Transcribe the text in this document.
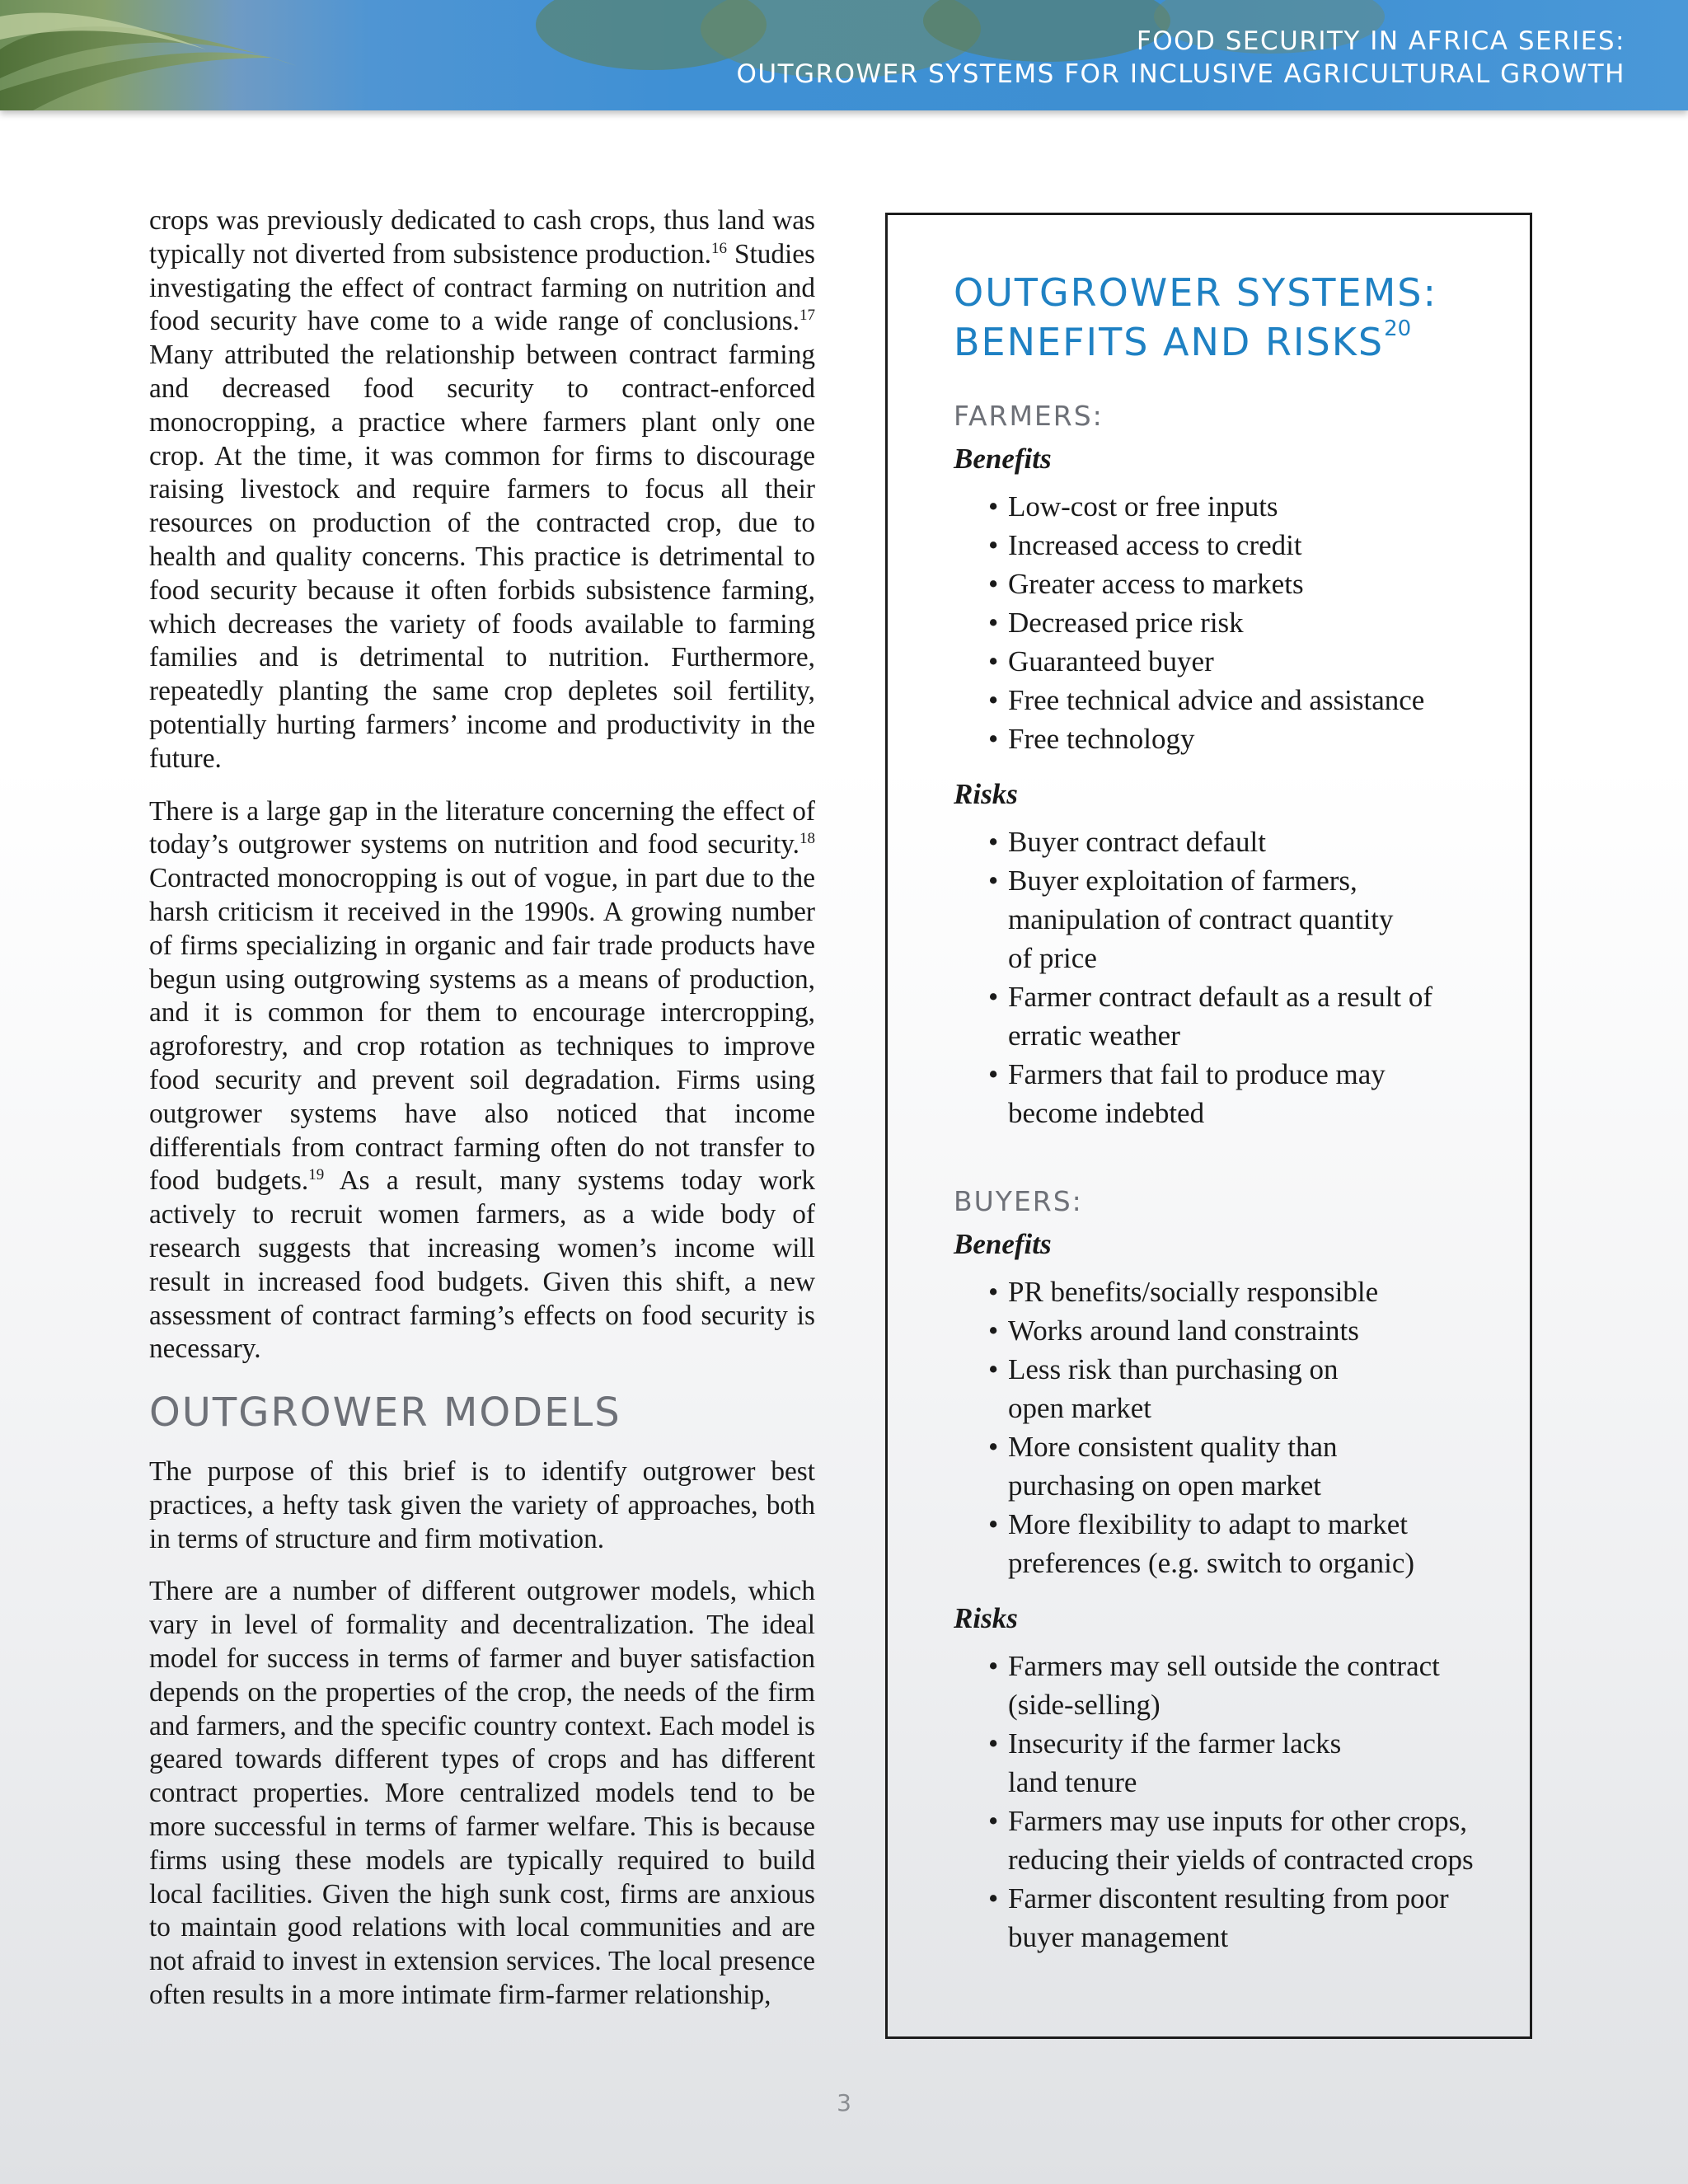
FOOD SECURITY IN AFRICA SERIES:
OUTGROWER SYSTEMS FOR INCLUSIVE AGRICULTURAL GROWTH

crops was previously dedicated to cash crops, thus land was typically not diverted from subsistence production.$^{16}$ Studies investigating the effect of contract farming on nutrition and food security have come to a wide range of conclusions.$^{17}$ Many attributed the relationship between contract farming and decreased food security to contract-enforced monocropping, a practice where farmers plant only one crop. At the time, it was common for firms to discourage raising livestock and require farmers to focus all their resources on production of the contracted crop, due to health and quality concerns. This practice is detrimental to food security because it often forbids subsistence farming, which decreases the variety of foods available to farming families and is detrimental to nutrition. Furthermore, repeatedly planting the same crop depletes soil fertility, potentially hurting farmers’ income and productivity in the future.

There is a large gap in the literature concerning the effect of today’s outgrower systems on nutrition and food security.$^{18}$ Contracted monocropping is out of vogue, in part due to the harsh criticism it received in the 1990s. A growing number of firms specializing in organic and fair trade products have begun using outgrowing systems as a means of production, and it is common for them to encourage intercropping, agroforestry, and crop rotation as techniques to improve food security and prevent soil degradation. Firms using outgrower systems have also noticed that income differentials from contract farming often do not transfer to food budgets.$^{19}$ As a result, many systems today work actively to recruit women farmers, as a wide body of research suggests that increasing women’s income will result in increased food budgets. Given this shift, a new assessment of contract farming’s effects on food security is necessary.

OUTGROWER MODELS

The purpose of this brief is to identify outgrower best practices, a hefty task given the variety of approaches, both in terms of structure and firm motivation.

There are a number of different outgrower models, which vary in level of formality and decentralization. The ideal model for success in terms of farmer and buyer satisfaction depends on the properties of the crop, the needs of the firm and farmers, and the specific country context. Each model is geared towards different types of crops and has different contract properties. More centralized models tend to be more successful in terms of farmer welfare. This is because firms using these models are typically required to build local facilities. Given the high sunk cost, firms are anxious to maintain good relations with local communities and are not afraid to invest in extension services. The local presence often results in a more intimate firm-farmer relationship,

OUTGROWER SYSTEMS:
BENEFITS AND RISKS$^{20}$
FARMERS:
Benefits
• Low-cost or free inputs
• Increased access to credit
• Greater access to markets
• Decreased price risk
• Guaranteed buyer
• Free technical advice and assistance
• Free technology
Risks
• Buyer contract default
• Buyer exploitation of farmers, manipulation of contract quantity of price
• Farmer contract default as a result of erratic weather
• Farmers that fail to produce may become indebted
BUYERS:
Benefits
• PR benefits/socially responsible
• Works around land constraints
• Less risk than purchasing on open market
• More consistent quality than purchasing on open market
• More flexibility to adapt to market preferences (e.g. switch to organic)
Risks
• Farmers may sell outside the contract (side-selling)
• Insecurity if the farmer lacks land tenure
• Farmers may use inputs for other crops, reducing their yields of contracted crops
• Farmer discontent resulting from poor buyer management
3
